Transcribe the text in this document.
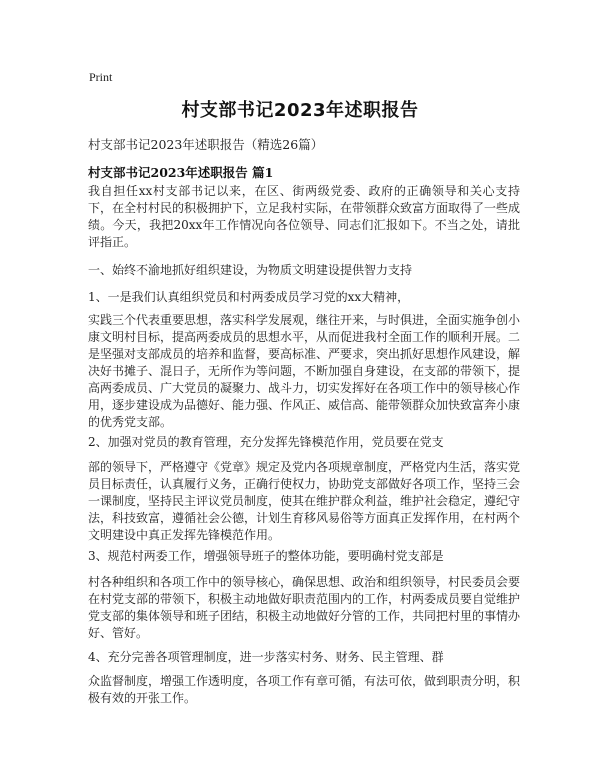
Print
村支部书记2023年述职报告
村支部书记2023年述职报告（精选26篇）
村支部书记2023年述职报告 篇1
我自担任xx村支部书记以来，在区、街两级党委、政府的正确领导和关心支持下，在全村村民的积极拥护下，立足我村实际，在带领群众致富方面取得了一些成绩。今天，我把20xx年工作情况向各位领导、同志们汇报如下。不当之处，请批评指正。
一、始终不渝地抓好组织建设，为物质文明建设提供智力支持
1、一是我们认真组织党员和村两委成员学习党的xx大精神，
实践三个代表重要思想，落实科学发展观，继往开来，与时俱进，全面实施争创小康文明村目标，提高两委成员的思想水平，从而促进我村全面工作的顺利开展。二是坚强对支部成员的培养和监督，要高标准、严要求，突出抓好思想作风建设，解决好书摊子、混日子，无所作为等问题，不断加强自身建设，在支部的带领下，提高两委成员、广大党员的凝聚力、战斗力，切实发挥好在各项工作中的领导核心作用，逐步建设成为品德好、能力强、作风正、威信高、能带领群众加快致富奔小康的优秀党支部。
2、加强对党员的教育管理，充分发挥先锋模范作用，党员要在党支
部的领导下，严格遵守《党章》规定及党内各项规章制度，严格党内生活，落实党员目标责任，认真履行义务，正确行使权力，协助党支部做好各项工作，坚持三会一课制度，坚持民主评议党员制度，使其在维护群众利益，维护社会稳定，遵纪守法，科技致富，遵循社会公德，计划生育移风易俗等方面真正发挥作用，在村两个文明建设中真正发挥先锋模范作用。
3、规范村两委工作，增强领导班子的整体功能，要明确村党支部是
村各种组织和各项工作中的领导核心，确保思想、政治和组织领导，村民委员会要在村党支部的带领下，积极主动地做好职责范围内的工作，村两委成员要自觉维护党支部的集体领导和班子团结，积极主动地做好分管的工作，共同把村里的事情办好、管好。
4、充分完善各项管理制度，进一步落实村务、财务、民主管理、群
众监督制度，增强工作透明度，各项工作有章可循，有法可依，做到职责分明，积极有效的开张工作。
